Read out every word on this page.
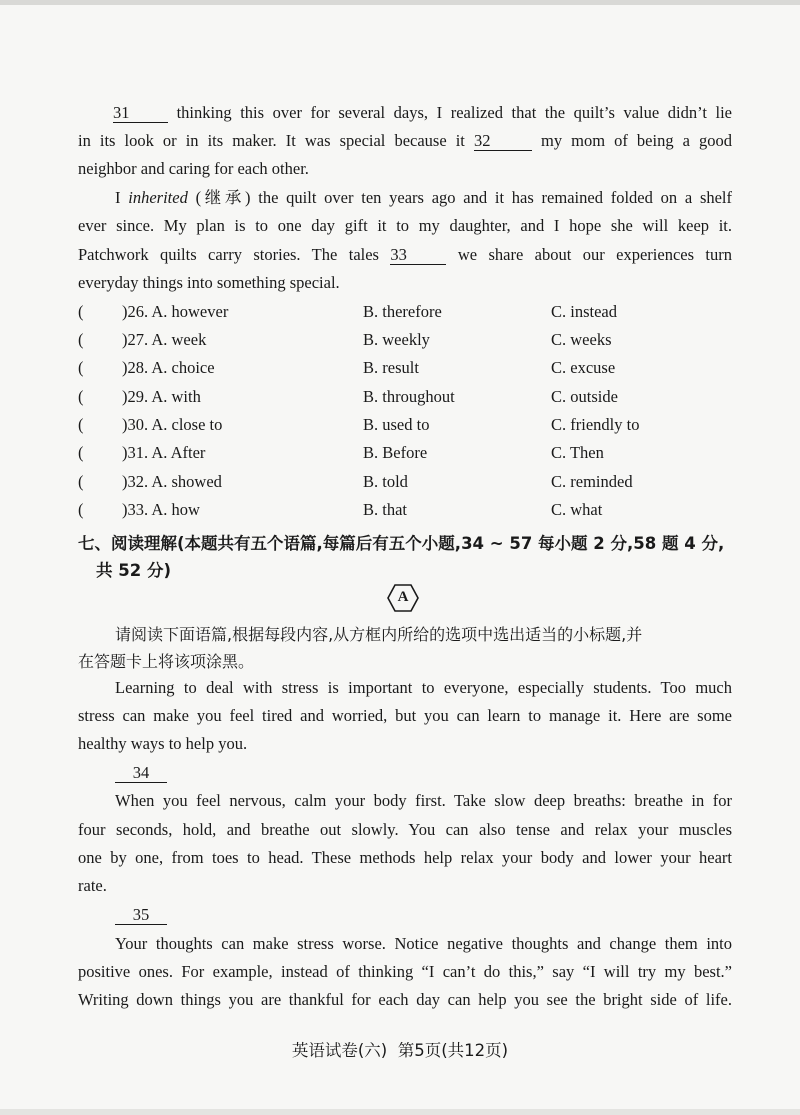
31	thinking this over for several days, I realized that the quilt’s value didn’t lie
in its look or in its maker. It was special because it 32	my mom of being a good
neighbor and caring for each other.
I inherited (继承) the quilt over ten years ago and it has remained folded on a shelf
ever since. My plan is to one day gift it to my daughter, and I hope she will keep it.
Patchwork quilts carry stories. The tales 33	we share about our experiences turn
everyday things into something special.
( )26. A. however	B. therefore	C. instead
( )27. A. week	B. weekly	C. weeks
( )28. A. choice	B. result	C. excuse
( )29. A. with	B. throughout	C. outside
( )30. A. close to	B. used to	C. friendly to
( )31. A. After	B. Before	C. Then
( )32. A. showed	B. told	C. reminded
( )33. A. how	B. that	C. what
七、阅读理解(本题共有五个语篇,每篇后有五个小题,34 ~ 57 每小题 2 分,58 题 4 分,
共 52 分)
A
请阅读下面语篇,根据每段内容,从方框内所给的选项中选出适当的小标题,并
在答题卡上将该项涂黑。
Learning to deal with stress is important to everyone, especially students. Too much
stress can make you feel tired and worried, but you can learn to manage it. Here are some
healthy ways to help you.
34
When you feel nervous, calm your body first. Take slow deep breaths: breathe in for
four seconds, hold, and breathe out slowly. You can also tense and relax your muscles
one by one, from toes to head. These methods help relax your body and lower your heart
rate.
35
Your thoughts can make stress worse. Notice negative thoughts and change them into
positive ones. For example, instead of thinking “I can’t do this,” say “I will try my best.”
Writing down things you are thankful for each day can help you see the bright side of life.
英语试卷(六)  第5页(共12页)
